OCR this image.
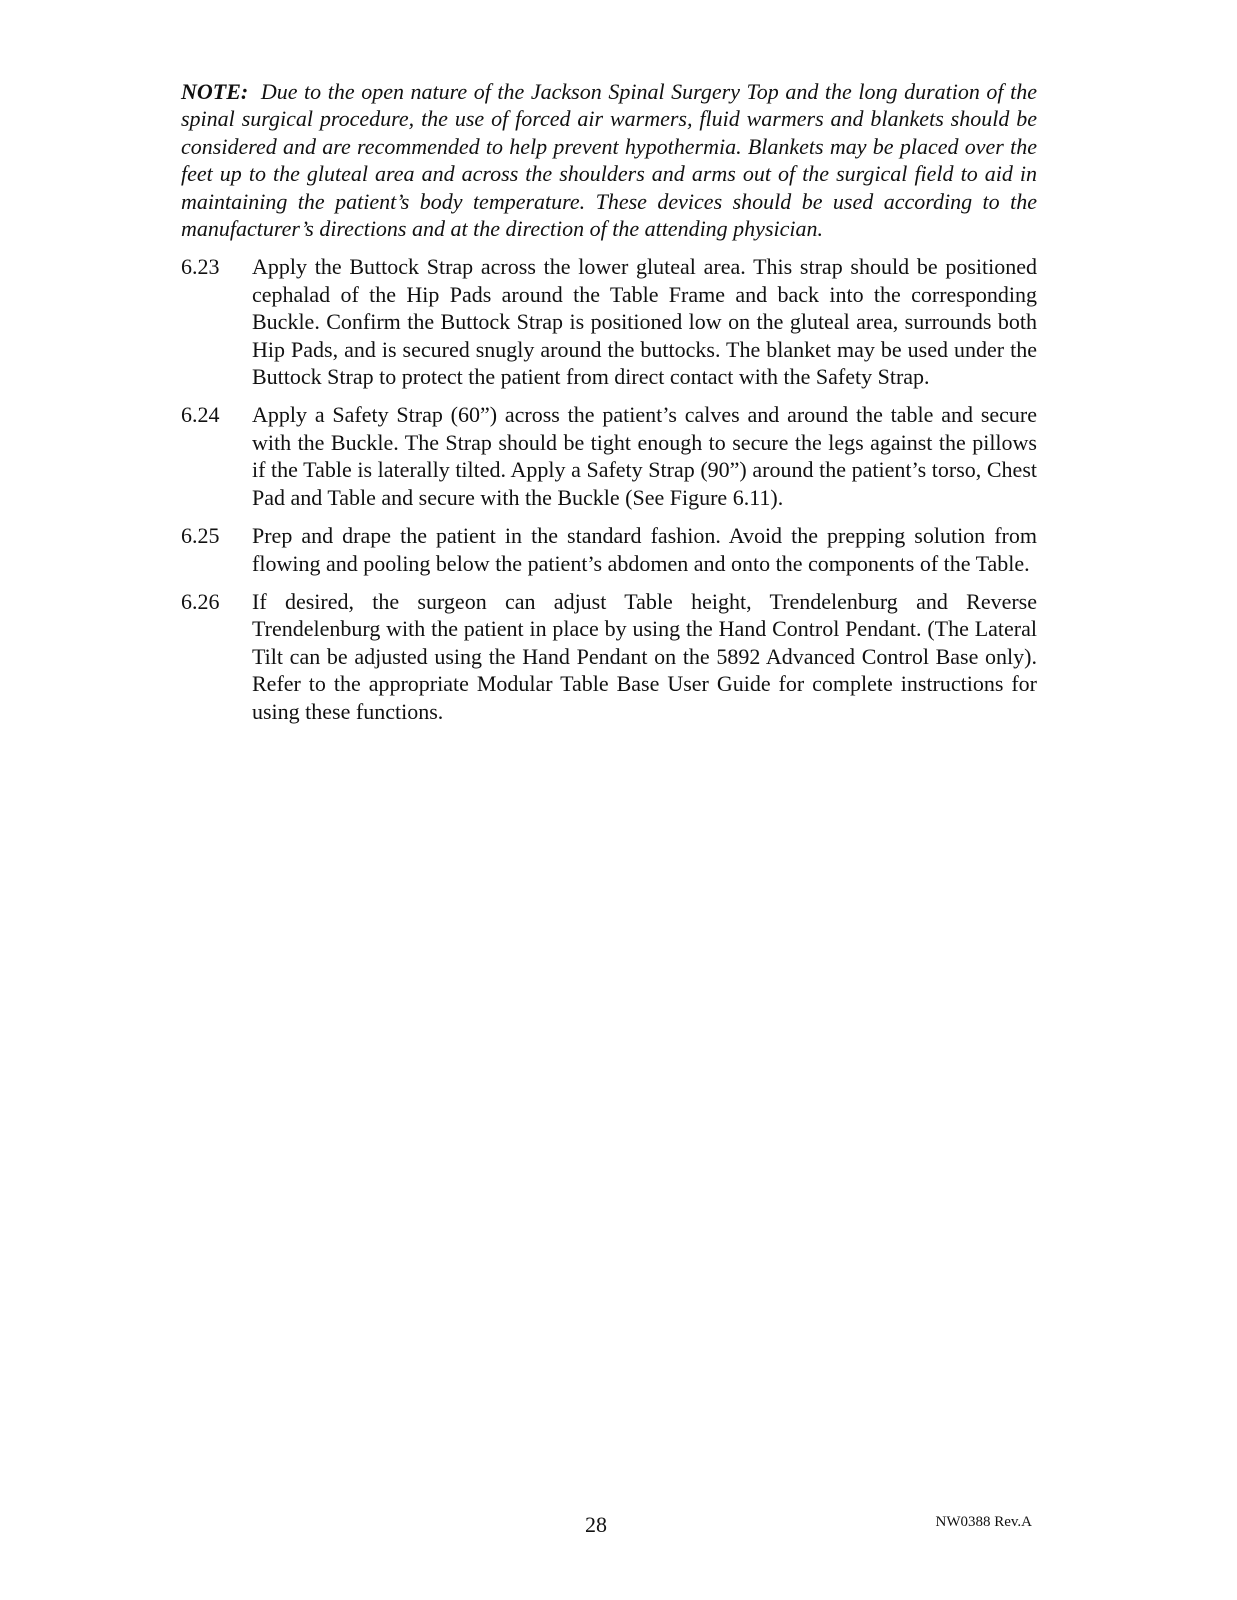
NOTE: Due to the open nature of the Jackson Spinal Surgery Top and the long duration of the spinal surgical procedure, the use of forced air warmers, fluid warmers and blankets should be considered and are recommended to help prevent hypothermia. Blankets may be placed over the feet up to the gluteal area and across the shoulders and arms out of the surgical field to aid in maintaining the patient’s body temperature. These devices should be used according to the manufacturer’s directions and at the direction of the attending physician.

6.23 Apply the Buttock Strap across the lower gluteal area. This strap should be positioned cephalad of the Hip Pads around the Table Frame and back into the corresponding Buckle. Confirm the Buttock Strap is positioned low on the gluteal area, surrounds both Hip Pads, and is secured snugly around the buttocks. The blanket may be used under the Buttock Strap to protect the patient from direct contact with the Safety Strap.
6.24 Apply a Safety Strap (60”) across the patient’s calves and around the table and secure with the Buckle. The Strap should be tight enough to secure the legs against the pillows if the Table is laterally tilted. Apply a Safety Strap (90”) around the patient’s torso, Chest Pad and Table and secure with the Buckle (See Figure 6.11).
6.25 Prep and drape the patient in the standard fashion. Avoid the prepping solution from flowing and pooling below the patient’s abdomen and onto the components of the Table.
6.26 If desired, the surgeon can adjust Table height, Trendelenburg and Reverse Trendelenburg with the patient in place by using the Hand Control Pendant. (The Lateral Tilt can be adjusted using the Hand Pendant on the 5892 Advanced Control Base only). Refer to the appropriate Modular Table Base User Guide for complete instructions for using these functions.
28	NW0388 Rev.A
